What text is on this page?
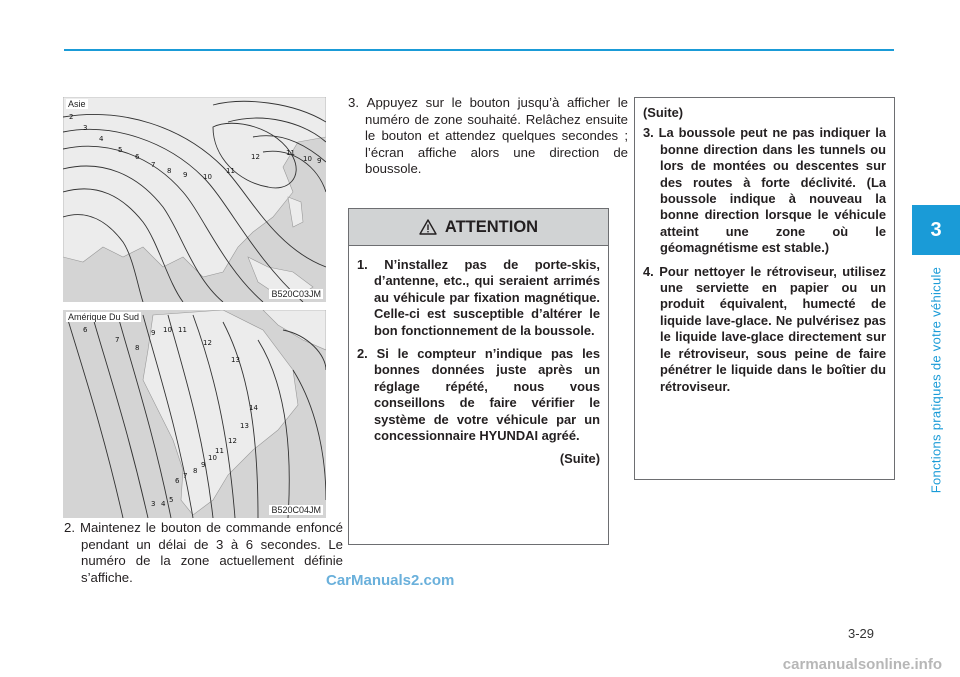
3
Fonctions pratiques de votre véhicule
2
3
4
5
6
7
8 9 10
11
12	11
10 9
Asie
B520C03JM
6
7
8
9 10 11
12
13
14
13
12
11
10
9
8
7
6
5
4
3
Amérique Du Sud
B520C04JM
2. Maintenez le bouton de commande enfoncé pendant un délai de 3 à 6 secondes. Le numéro de la zone actuellement définie s’affiche.
3. Appuyez sur le bouton jusqu’à afficher le numéro de zone souhaité. Relâchez ensuite le bouton et attendez quelques secondes ; l’écran affiche alors une direction de boussole.
ATTENTION
1. N’installez pas de porte-skis, d’antenne, etc., qui seraient arrimés au véhicule par fixation magnétique. Celle-ci est susceptible d’altérer le bon fonctionnement de la boussole.
2. Si le compteur n’indique pas les bonnes données juste après un réglage répété, nous vous conseillons de faire vérifier le système de votre véhicule par un concessionnaire HYUNDAI agréé.
(Suite)
(Suite)
3. La boussole peut ne pas indiquer la bonne direction dans les tunnels ou lors de montées ou descentes sur des routes à forte déclivité. (La boussole indique à nouveau la bonne direction lorsque le véhicule atteint une zone où le géomagnétisme est stable.)
4. Pour nettoyer le rétroviseur, utilisez une serviette en papier ou un produit équivalent, humecté de liquide lave-glace. Ne pulvérisez pas le liquide lave-glace directement sur le rétroviseur, sous peine de faire pénétrer le liquide dans le boîtier du rétroviseur.
3-29
CarManuals2.com
carmanualsonline.info
